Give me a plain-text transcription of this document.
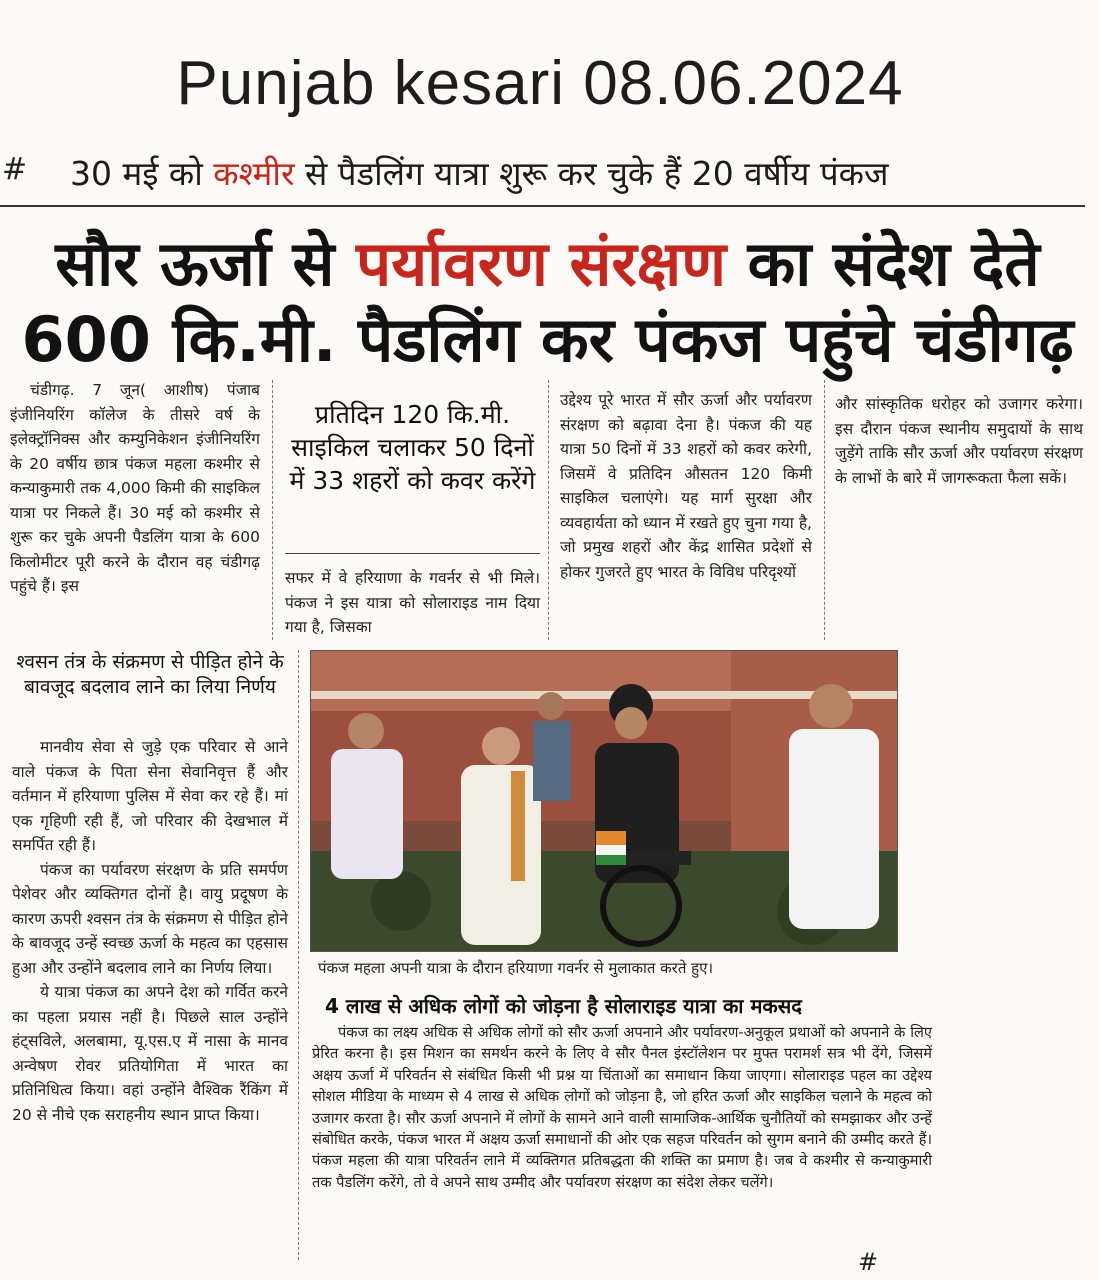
Punjab kesari 08.06.2024
# 30 मई को कश्मीर से पैडलिंग यात्रा शुरू कर चुके हैं 20 वर्षीय पंकज
सौर ऊर्जा से पर्यावरण संरक्षण का संदेश देते
600 कि.मी. पैडलिंग कर पंकज पहुंचे चंडीगढ़

चंडीगढ़. 7 जून( आशीष) पंजाब इंजीनियरिंग कॉलेज के तीसरे वर्ष के इलेक्ट्रॉनिक्स और कम्युनिकेशन इंजीनियरिंग के 20 वर्षीय छात्र पंकज महला कश्मीर से कन्याकुमारी तक 4,000 किमी की साइकिल यात्रा पर निकले हैं। 30 मई को कश्मीर से शुरू कर चुके अपनी पैडलिंग यात्रा के 600 किलोमीटर पूरी करने के दौरान वह चंडीगढ़ पहुंचे हैं। इस

प्रतिदिन 120 कि.मी. साइकिल चलाकर 50 दिनों में 33 शहरों को कवर करेंगे
सफर में वे हरियाणा के गवर्नर से भी मिले। पंकज ने इस यात्रा को सोलाराइड नाम दिया गया है, जिसका
उद्देश्य पूरे भारत में सौर ऊर्जा और पर्यावरण संरक्षण को बढ़ावा देना है। पंकज की यह यात्रा 50 दिनों में 33 शहरों को कवर करेगी, जिसमें वे प्रतिदिन औसतन 120 किमी साइकिल चलाएंगे। यह मार्ग सुरक्षा और व्यवहार्यता को ध्यान में रखते हुए चुना गया है, जो प्रमुख शहरों और केंद्र शासित प्रदेशों से होकर गुजरते हुए भारत के विविध परिदृश्यों
और सांस्कृतिक धरोहर को उजागर करेगा। इस दौरान पंकज स्थानीय समुदायों के साथ जुड़ेंगे ताकि सौर ऊर्जा और पर्यावरण संरक्षण के लाभों के बारे में जागरूकता फैला सकें।
श्वसन तंत्र के संक्रमण से पीड़ित होने के बावजूद बदलाव लाने का लिया निर्णय

मानवीय सेवा से जुड़े एक परिवार से आने वाले पंकज के पिता सेना सेवानिवृत्त हैं और वर्तमान में हरियाणा पुलिस में सेवा कर रहे हैं। मां एक गृहिणी रही हैं, जो परिवार की देखभाल में समर्पित रही हैं।

पंकज का पर्यावरण संरक्षण के प्रति समर्पण पेशेवर और व्यक्तिगत दोनों है। वायु प्रदूषण के कारण ऊपरी श्वसन तंत्र के संक्रमण से पीड़ित होने के बावजूद उन्हें स्वच्छ ऊर्जा के महत्व का एहसास हुआ और उन्होंने बदलाव लाने का निर्णय लिया।

ये यात्रा पंकज का अपने देश को गर्वित करने का पहला प्रयास नहीं है। पिछले साल उन्होंने हंट्सविले, अलबामा, यू.एस.ए में नासा के मानव अन्वेषण रोवर प्रतियोगिता में भारत का प्रतिनिधित्व किया। वहां उन्होंने वैश्विक रैंकिंग में 20 से नीचे एक सराहनीय स्थान प्राप्त किया।

पंकज महला अपनी यात्रा के दौरान हरियाणा गवर्नर से मुलाकात करते हुए।
4 लाख से अधिक लोगों को जोड़ना है सोलाराइड यात्रा का मकसद

पंकज का लक्ष्य अधिक से अधिक लोगों को सौर ऊर्जा अपनाने और पर्यावरण-अनुकूल प्रथाओं को अपनाने के लिए प्रेरित करना है। इस मिशन का समर्थन करने के लिए वे सौर पैनल इंस्टॉलेशन पर मुफ्त परामर्श सत्र भी देंगे, जिसमें अक्षय ऊर्जा में परिवर्तन से संबंधित किसी भी प्रश्न या चिंताओं का समाधान किया जाएगा। सोलाराइड पहल का उद्देश्य सोशल मीडिया के माध्यम से 4 लाख से अधिक लोगों को जोड़ना है, जो हरित ऊर्जा और साइकिल चलाने के महत्व को उजागर करता है। सौर ऊर्जा अपनाने में लोगों के सामने आने वाली सामाजिक-आर्थिक चुनौतियों को समझाकर और उन्हें संबोधित करके, पंकज भारत में अक्षय ऊर्जा समाधानों की ओर एक सहज परिवर्तन को सुगम बनाने की उम्मीद करते हैं। पंकज महला की यात्रा परिवर्तन लाने में व्यक्तिगत प्रतिबद्धता की शक्ति का प्रमाण है। जब वे कश्मीर से कन्याकुमारी तक पैडलिंग करेंगे, तो वे अपने साथ उम्मीद और पर्यावरण संरक्षण का संदेश लेकर चलेंगे।

#
